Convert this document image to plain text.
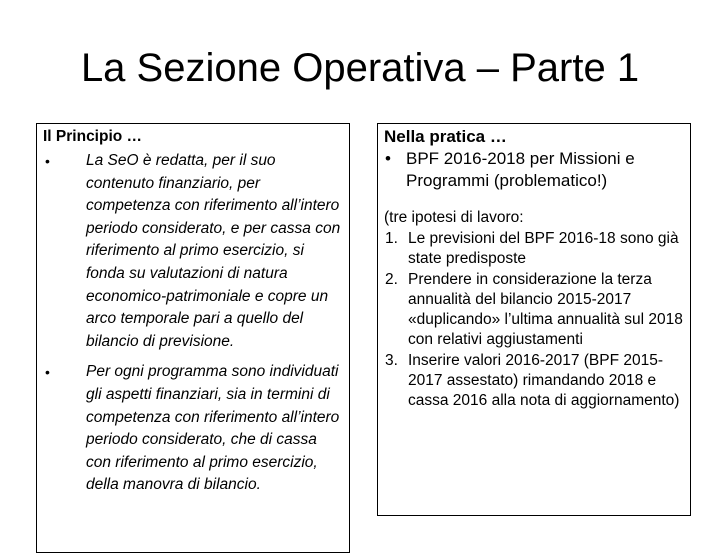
La Sezione Operativa – Parte 1
Il Principio …
•	La SeO è redatta, per il suo contenuto finanziario, per competenza con riferimento all’intero periodo considerato, e per cassa con riferimento al primo esercizio, si fonda su valutazioni di natura economico-patrimoniale e copre un arco temporale pari a quello del bilancio di previsione.
•	Per ogni programma sono individuati gli aspetti finanziari, sia in termini di competenza con riferimento all’intero periodo considerato, che di cassa con riferimento al primo esercizio, della manovra di bilancio.
Nella pratica …
• BPF 2016-2018 per Missioni e Programmi (problematico!)
(tre ipotesi di lavoro:
1. Le previsioni del BPF 2016-18 sono già state predisposte
2. Prendere in considerazione la terza annualità del bilancio 2015-2017 «duplicando» l’ultima annualità sul 2018 con relativi aggiustamenti
3. Inserire valori 2016-2017 (BPF 2015-2017 assestato) rimandando 2018 e cassa 2016 alla nota di aggiornamento)
